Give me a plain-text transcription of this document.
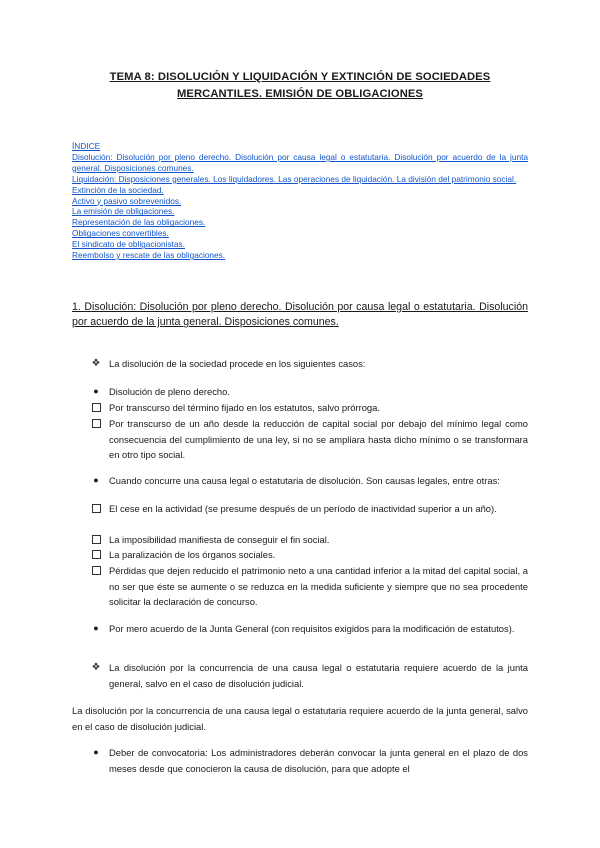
TEMA 8: DISOLUCIÓN Y LIQUIDACIÓN Y EXTINCIÓN DE SOCIEDADES
MERCANTILES. EMISIÓN DE OBLIGACIONES
ÍNDICE
Disolución: Disolución por pleno derecho. Disolución por causa legal o estatutaria. Disolución por acuerdo de la junta general. Disposiciones comunes.
Liquidación: Disposiciones generales. Los liquidadores. Las operaciones de liquidación. La división del patrimonio social.
Extinción de la sociedad.
Activo y pasivo sobrevenidos.
La emisión de obligaciones.
Representación de las obligaciones.
Obligaciones convertibles.
El sindicato de obligacionistas.
Reembolso y rescate de las obligaciones.
1. Disolución: Disolución por pleno derecho. Disolución por causa legal o estatutaria. Disolución por acuerdo de la junta general. Disposiciones comunes.
❖ La disolución de la sociedad procede en los siguientes casos:
●	Disolución de pleno derecho.
Por transcurso del término fijado en los estatutos, salvo prórroga.
Por transcurso de un año desde la reducción de capital social por debajo del mínimo legal como consecuencia del cumplimiento de una ley, si no se ampliara hasta dicho mínimo o se transformara en otro tipo social.
●	Cuando concurre una causa legal o estatutaria de disolución. Son causas legales, entre otras:
El cese en la actividad (se presume después de un período de inactividad superior a un año).
La imposibilidad manifiesta de conseguir el fin social.
La paralización de los órganos sociales.
Pérdidas que dejen reducido el patrimonio neto a una cantidad inferior a la mitad del capital social, a no ser que éste se aumente o se reduzca en la medida suficiente y siempre que no sea procedente solicitar la declaración de concurso.
●	Por mero acuerdo de la Junta General (con requisitos exigidos para la modificación de estatutos).
❖ La disolución por la concurrencia de una causa legal o estatutaria requiere acuerdo de la junta general, salvo en el caso de disolución judicial.
La disolución por la concurrencia de una causa legal o estatutaria requiere acuerdo de la junta general, salvo en el caso de disolución judicial.
●	Deber de convocatoria: Los administradores deberán convocar la junta general en el plazo de dos meses desde que conocieron la causa de disolución, para que adopte el
